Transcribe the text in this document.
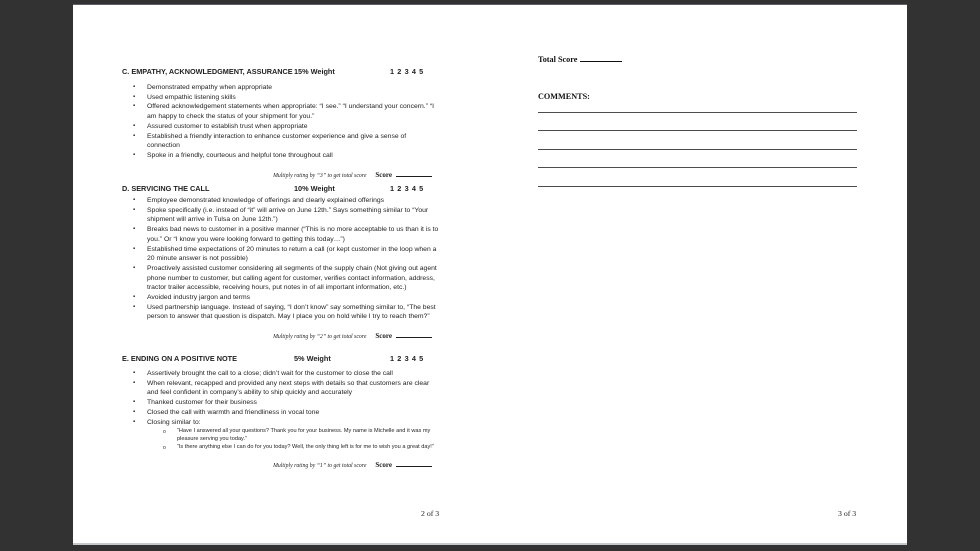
C. EMPATHY, ACKNOWLEDGMENT, ASSURANCE 15% Weight	1 2 3 4 5
▪ Demonstrated empathy when appropriate
▪ Used empathic listening skills
▪ Offered acknowledgement statements when appropriate: “I see.” “I understand your concern.” “I am happy to check the status of your shipment for you.”
▪ Assured customer to establish trust when appropriate
▪ Established a friendly interaction to enhance customer experience and give a sense of connection
▪ Spoke in a friendly, courteous and helpful tone throughout call
Multiply rating by “3” to get total score Score
D. SERVICING THE CALL	10% Weight	1 2 3 4 5
▪ Employee demonstrated knowledge of offerings and clearly explained offerings
▪ Spoke specifically (i.e. instead of “it” will arrive on June 12th.” Says something similar to “Your shipment will arrive in Tulsa on June 12th.”)
▪ Breaks bad news to customer in a positive manner (“This is no more acceptable to us than it is to you.” Or “I know you were looking forward to getting this today…”)
▪ Established time expectations of 20 minutes to return a call (or kept customer in the loop when a 20 minute answer is not possible)
▪ Proactively assisted customer considering all segments of the supply chain (Not giving out agent phone number to customer, but calling agent for customer, verifies contact information, address, tractor trailer accessible, receiving hours, put notes in of all important information, etc.)
▪ Avoided industry jargon and terms
▪ Used partnership language. Instead of saying, “I don’t know” say something similar to, “The best person to answer that question is dispatch. May I place you on hold while I try to reach them?”
Multiply rating by “2” to get total score Score
E. ENDING ON A POSITIVE NOTE	5% Weight	1 2 3 4 5
▪ Assertively brought the call to a close; didn’t wait for the customer to close the call
▪ When relevant, recapped and provided any next steps with details so that customers are clear and feel confident in company’s ability to ship quickly and accurately
▪ Thanked customer for their business
▪ Closed the call with warmth and friendliness in vocal tone
▪ Closing similar to:
o “Have I answered all your questions? Thank you for your business. My name is Michelle and it was my pleasure serving you today.”
o “Is there anything else I can do for you today? Well, the only thing left is for me to wish you a great day!”
Multiply rating by “1” to get total score Score
Total Score
COMMENTS:
2 of 3	3 of 3
